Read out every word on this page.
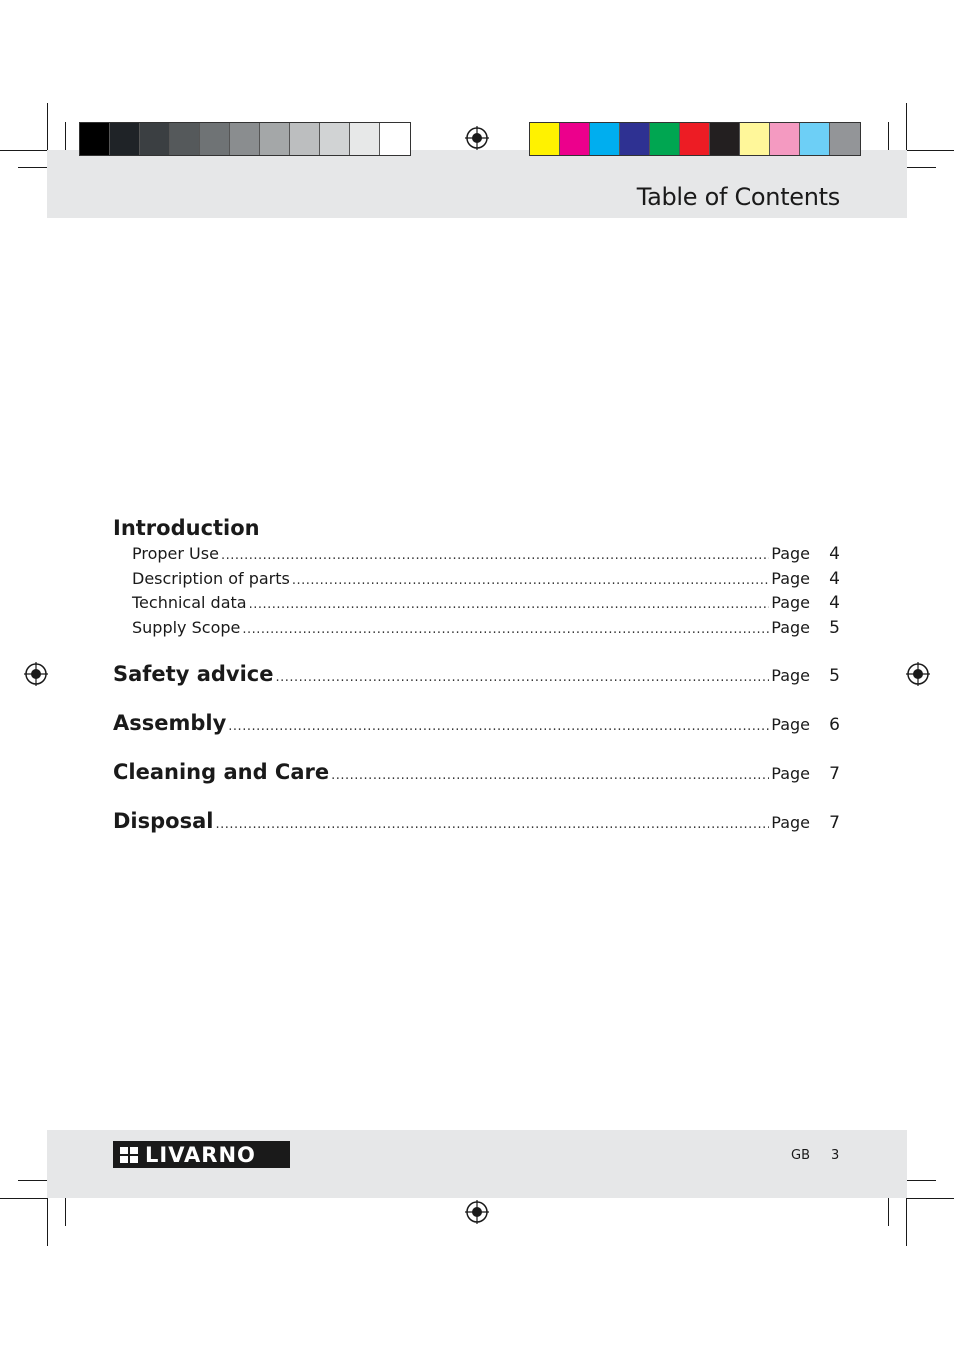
Table of Contents
Introduction
Proper Use .....	Page	4
Description of parts .....	Page	4
Technical data .....	Page	4
Supply Scope .....	Page	5
Safety advice .....	Page	5
Assembly .....	Page	6
Cleaning and Care .....	Page	7
Disposal .....	Page	7
LIVARNO	GB 3
